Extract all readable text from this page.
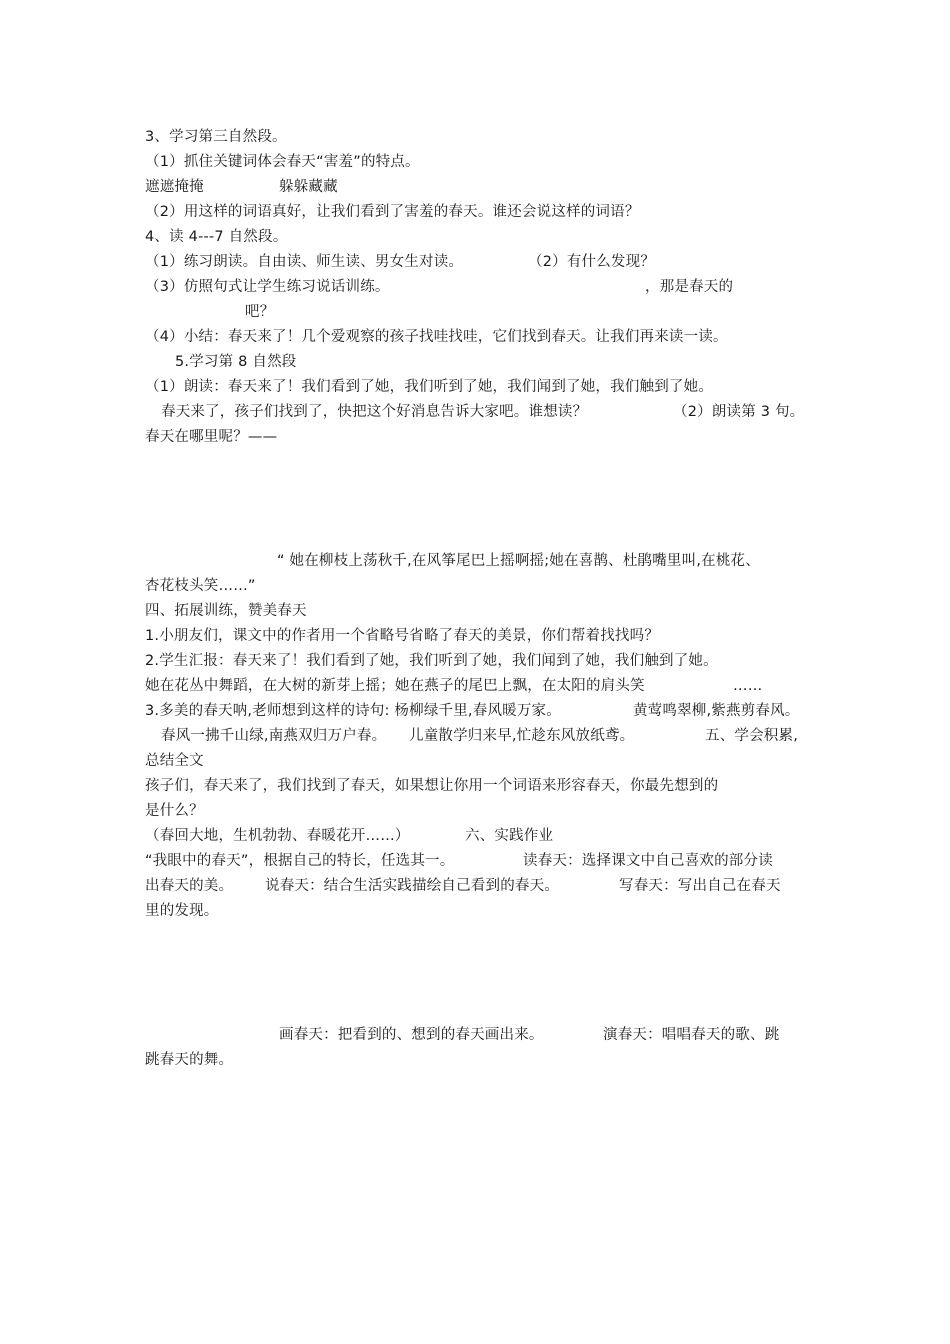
3、学习第三自然段。
（1）抓住关键词体会春天“害羞”的特点。
遮遮掩掩	躲躲藏藏
（2）用这样的词语真好，让我们看到了害羞的春天。谁还会说这样的词语？
4、读 4---7 自然段。
（1）练习朗读。自由读、师生读、男女生对读。	（2）有什么发现？
（3）仿照句式让学生练习说话训练。	，那是春天的
吧？
（4）小结：春天来了！几个爱观察的孩子找哇找哇，它们找到春天。让我们再来读一读。
5.学习第 8 自然段
（1）朗读：春天来了！我们看到了她，我们听到了她，我们闻到了她，我们触到了她。
春天来了，孩子们找到了，快把这个好消息告诉大家吧。谁想读？	（2）朗读第 3 句。
春天在哪里呢？——
“ 她在柳枝上荡秋千,在风筝尾巴上摇啊摇;她在喜鹊、杜鹃嘴里叫,在桃花、
杏花枝头笑……”
四、拓展训练，赞美春天
1.小朋友们，课文中的作者用一个省略号省略了春天的美景，你们帮着找找吗？
2.学生汇报：春天来了！我们看到了她，我们听到了她，我们闻到了她，我们触到了她。
她在花丛中舞蹈，在大树的新芽上摇；她在燕子的尾巴上飘，在太阳的肩头笑	……
3.多美的春天呐,老师想到这样的诗句: 杨柳绿千里,春风暖万家。	黄莺鸣翠柳,紫燕剪春风。
春风一拂千山绿,南燕双归万户春。 儿童散学归来早,忙趁东风放纸鸢。	五、学会积累,
总结全文
孩子们，春天来了，我们找到了春天，如果想让你用一个词语来形容春天，你最先想到的
是什么？
（春回大地，生机勃勃、春暖花开……）	六、实践作业
“我眼中的春天”，根据自己的特长，任选其一。	读春天：选择课文中自己喜欢的部分读
出春天的美。 说春天：结合生活实践描绘自己看到的春天。	写春天：写出自己在春天
里的发现。
画春天：把看到的、想到的春天画出来。	演春天：唱唱春天的歌、跳
跳春天的舞。
